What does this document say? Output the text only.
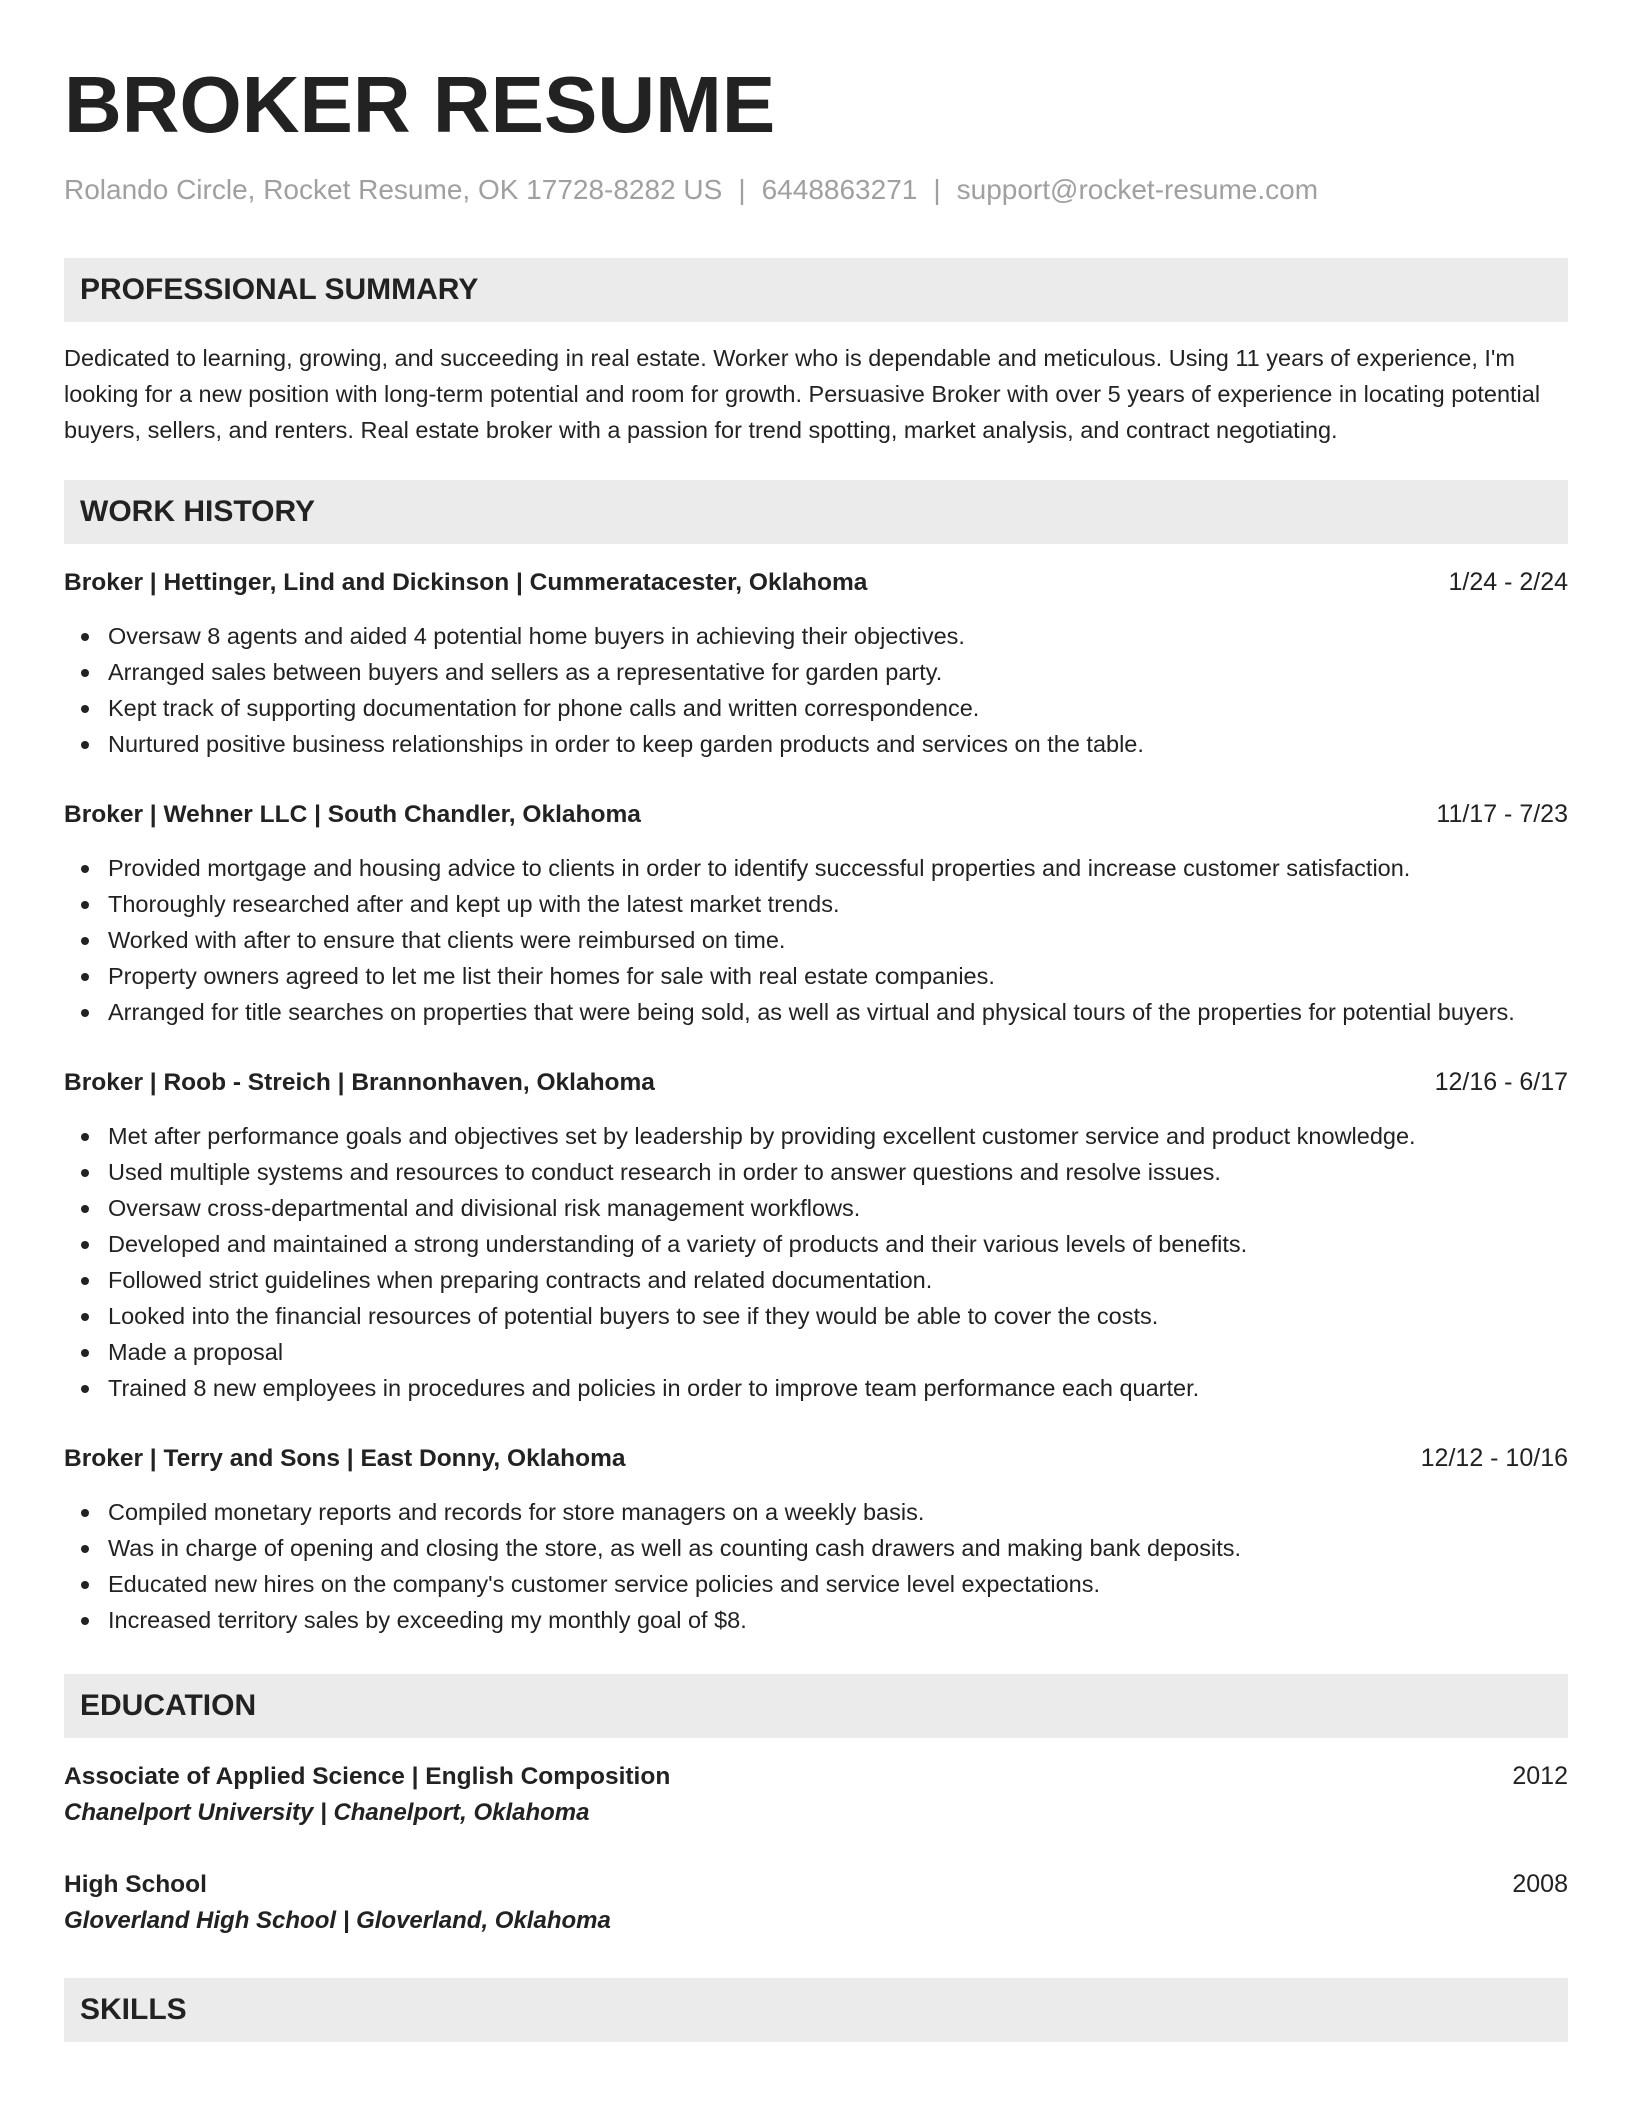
BROKER RESUME
Rolando Circle, Rocket Resume, OK 17728-8282 US | 6448863271 | support@rocket-resume.com
PROFESSIONAL SUMMARY

Dedicated to learning, growing, and succeeding in real estate. Worker who is dependable and meticulous. Using 11 years of experience, I'm looking for a new position with long-term potential and room for growth. Persuasive Broker with over 5 years of experience in locating potential buyers, sellers, and renters. Real estate broker with a passion for trend spotting, market analysis, and contract negotiating.

WORK HISTORY
Broker | Hettinger, Lind and Dickinson | Cummeratacester, Oklahoma	1/24 - 2/24
Oversaw 8 agents and aided 4 potential home buyers in achieving their objectives.
Arranged sales between buyers and sellers as a representative for garden party.
Kept track of supporting documentation for phone calls and written correspondence.
Nurtured positive business relationships in order to keep garden products and services on the table.
Broker | Wehner LLC | South Chandler, Oklahoma	11/17 - 7/23
Provided mortgage and housing advice to clients in order to identify successful properties and increase customer satisfaction.
Thoroughly researched after and kept up with the latest market trends.
Worked with after to ensure that clients were reimbursed on time.
Property owners agreed to let me list their homes for sale with real estate companies.
Arranged for title searches on properties that were being sold, as well as virtual and physical tours of the properties for potential buyers.
Broker | Roob - Streich | Brannonhaven, Oklahoma	12/16 - 6/17
Met after performance goals and objectives set by leadership by providing excellent customer service and product knowledge.
Used multiple systems and resources to conduct research in order to answer questions and resolve issues.
Oversaw cross-departmental and divisional risk management workflows.
Developed and maintained a strong understanding of a variety of products and their various levels of benefits.
Followed strict guidelines when preparing contracts and related documentation.
Looked into the financial resources of potential buyers to see if they would be able to cover the costs.
Made a proposal
Trained 8 new employees in procedures and policies in order to improve team performance each quarter.
Broker | Terry and Sons | East Donny, Oklahoma	12/12 - 10/16
Compiled monetary reports and records for store managers on a weekly basis.
Was in charge of opening and closing the store, as well as counting cash drawers and making bank deposits.
Educated new hires on the company's customer service policies and service level expectations.
Increased territory sales by exceeding my monthly goal of $8.
EDUCATION
Associate of Applied Science | English Composition	2012
Chanelport University | Chanelport, Oklahoma
High School	2008
Gloverland High School | Gloverland, Oklahoma
SKILLS
